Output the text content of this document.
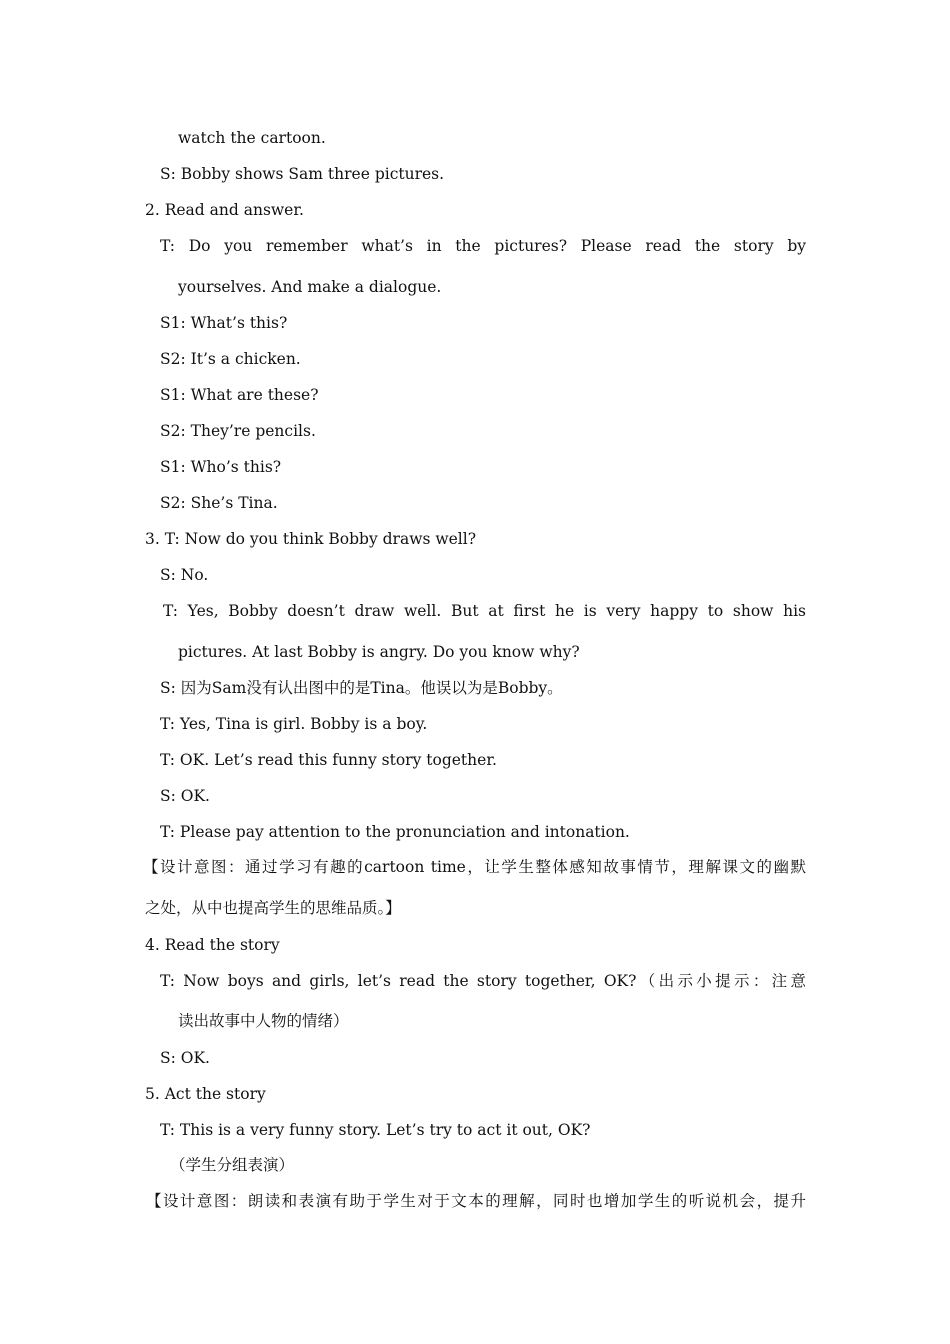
watch the cartoon.
S: Bobby shows Sam three pictures.
2. Read and answer.
T: Do you remember what’s in the pictures? Please read the story by
yourselves. And make a dialogue.
S1: What’s this?
S2: It’s a chicken.
S1: What are these?
S2: They’re pencils.
S1: Who’s this?
S2: She’s Tina.
3. T: Now do you think Bobby draws well?
S: No.
T: Yes, Bobby doesn’t draw well. But at first he is very happy to show his
pictures. At last Bobby is angry. Do you know why?
S: 因为Sam没有认出图中的是Tina。他误以为是Bobby。
T: Yes, Tina is girl. Bobby is a boy.
T: OK. Let’s read this funny story together.
S: OK.
T: Please pay attention to the pronunciation and intonation.
【设计意图：通过学习有趣的cartoon time，让学生整体感知故事情节，理解课文的幽默
之处，从中也提高学生的思维品质。】
4. Read the story
T: Now boys and girls, let’s read the story together, OK?（出示小提示：注意
读出故事中人物的情绪）
S: OK.
5. Act the story
T: This is a very funny story. Let’s try to act it out, OK?
（学生分组表演）
【设计意图：朗读和表演有助于学生对于文本的理解，同时也增加学生的听说机会，提升
